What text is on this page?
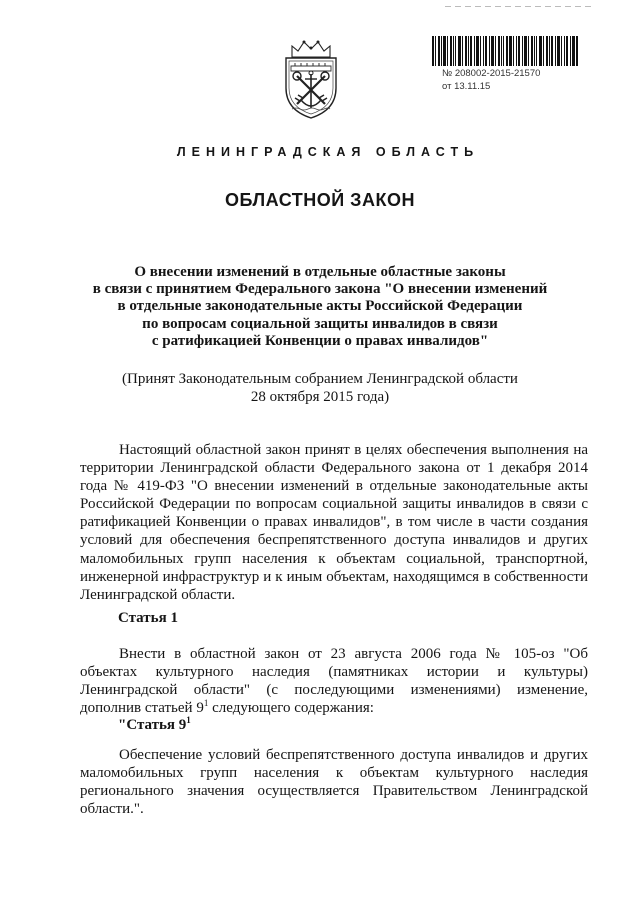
№ 208002-2015-21570
от 13.11.15
ЛЕНИНГРАДСКАЯ ОБЛАСТЬ
ОБЛАСТНОЙ ЗАКОН
О внесении изменений в отдельные областные законы
в связи с принятием Федерального закона "О внесении изменений
в отдельные законодательные акты Российской Федерации
по вопросам социальной защиты инвалидов в связи
с ратификацией Конвенции о правах инвалидов"
(Принят Законодательным собранием Ленинградской области
28 октября 2015 года)
Настоящий областной закон принят в целях обеспечения выполнения на территории Ленинградской области Федерального закона от 1 декабря 2014 года № 419-ФЗ "О внесении изменений в отдельные законодательные акты Российской Федерации по вопросам социальной защиты инвалидов в связи с ратификацией Конвенции о правах инвалидов", в том числе в части создания условий для обеспечения беспрепятственного доступа инвалидов и других маломобильных групп населения к объектам социальной, транспортной, инженерной инфраструктур и к иным объектам, находящимся в собственности Ленинградской области.
Статья 1
Внести в областной закон от 23 августа 2006 года № 105-оз "Об объектах культурного наследия (памятниках истории и культуры) Ленинградской области" (с последующими изменениями) изменение, дополнив статьей $9^1$ следующего содержания:
"Статья $9^1$
Обеспечение условий беспрепятственного доступа инвалидов и других маломобильных групп населения к объектам культурного наследия регионального значения осуществляется Правительством Ленинградской области.".
